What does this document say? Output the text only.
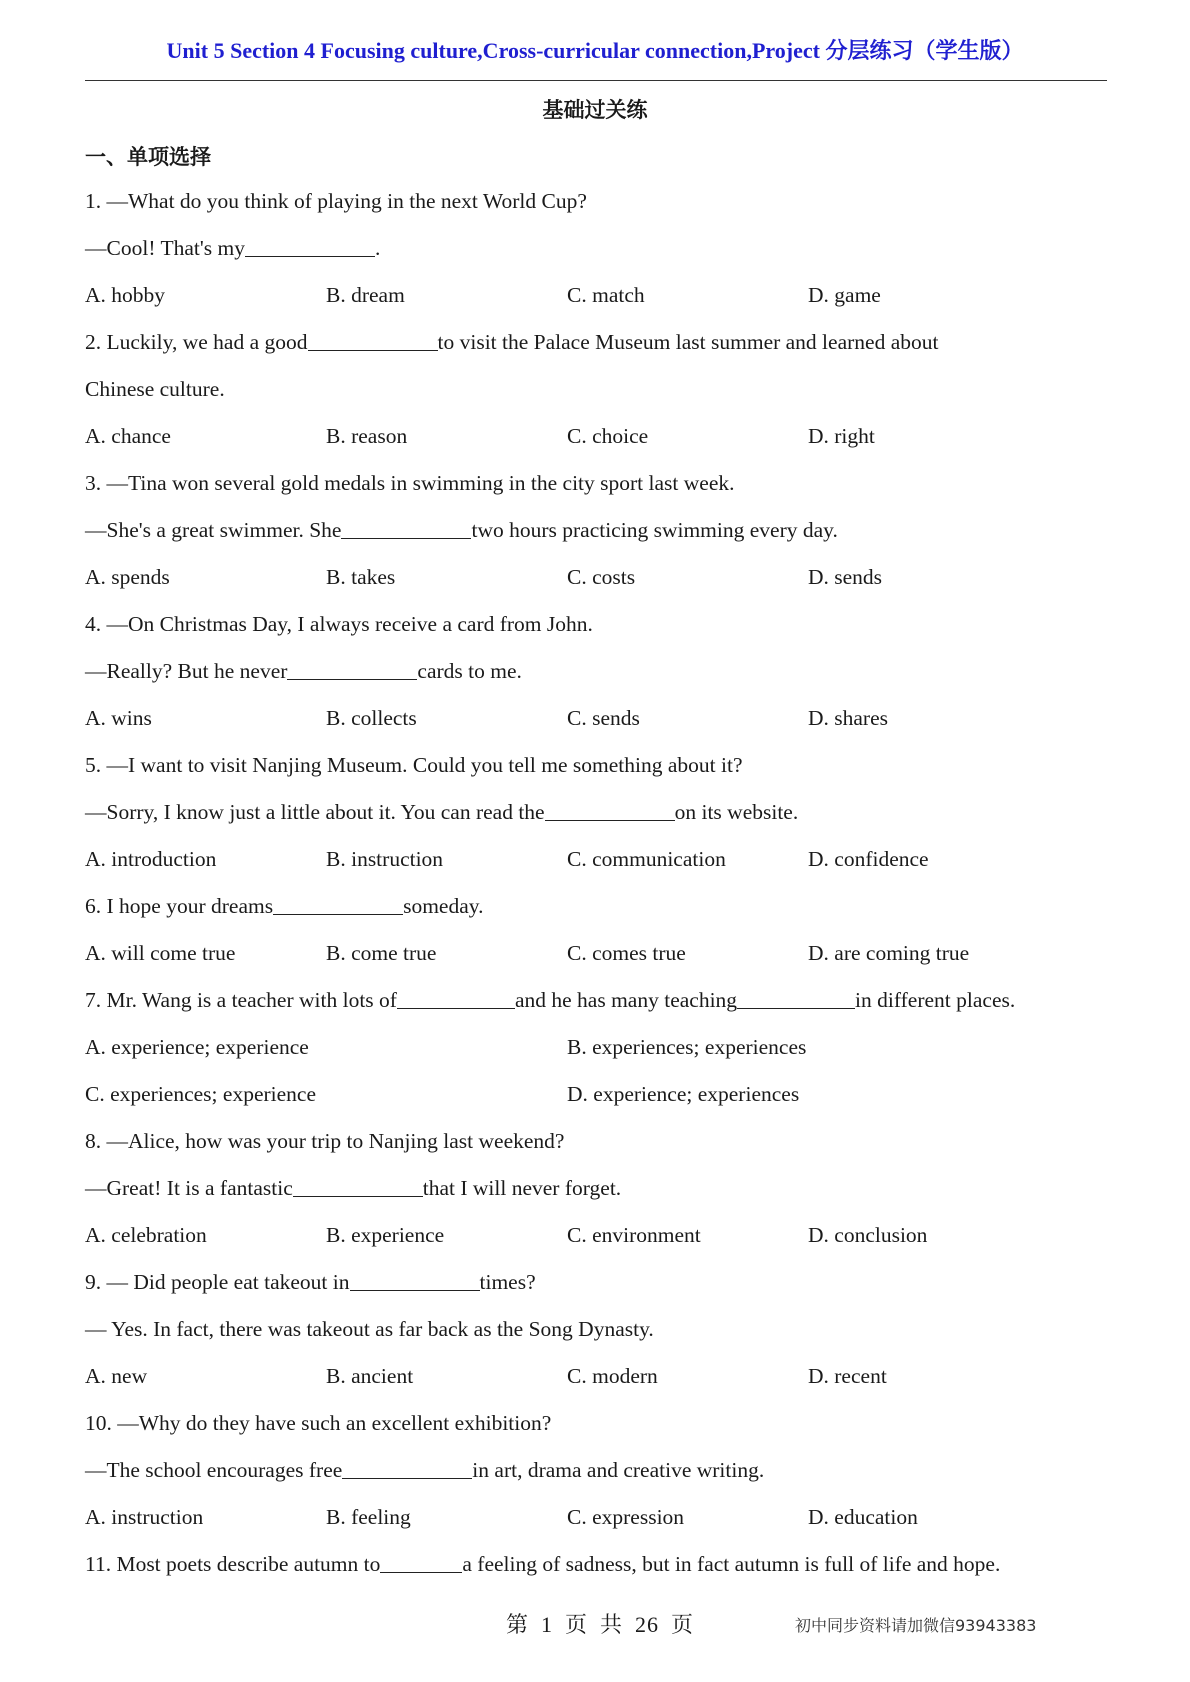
Unit 5 Section 4 Focusing culture,Cross-curricular connection,Project 分层练习（学生版）
基础过关练
一、单项选择
1. —What do you think of playing in the next World Cup?
—Cool! That's my	.
A. hobby	B. dream	C. match	D. game
2. Luckily, we had a good	to visit the Palace Museum last summer and learned about
Chinese culture.
A. chance	B. reason	C. choice	D. right
3. —Tina won several gold medals in swimming in the city sport last week.
—She's a great swimmer. She	two hours practicing swimming every day.
A. spends	B. takes	C. costs	D. sends
4. —On Christmas Day, I always receive a card from John.
—Really? But he never	cards to me.
A. wins	B. collects	C. sends	D. shares
5. —I want to visit Nanjing Museum. Could you tell me something about it?
—Sorry, I know just a little about it. You can read the	on its website.
A. introduction	B. instruction	C. communication	D. confidence
6. I hope your dreams	someday.
A. will come true	B. come true	C. comes true	D. are coming true
7. Mr. Wang is a teacher with lots of	and he has many teaching	in different places.
A. experience; experience	B. experiences; experiences
C. experiences; experience	D. experience; experiences
8. —Alice, how was your trip to Nanjing last weekend?
—Great! It is a fantastic	that I will never forget.
A. celebration	B. experience	C. environment	D. conclusion
9. — Did people eat takeout in	times?
— Yes. In fact, there was takeout as far back as the Song Dynasty.
A. new	B. ancient	C. modern	D. recent
10. —Why do they have such an excellent exhibition?
—The school encourages free	in art, drama and creative writing.
A. instruction	B. feeling	C. expression	D. education
11. Most poets describe autumn to	a feeling of sadness, but in fact autumn is full of life and hope.
第 1 页 共 26 页	初中同步资料请加微信93943383
